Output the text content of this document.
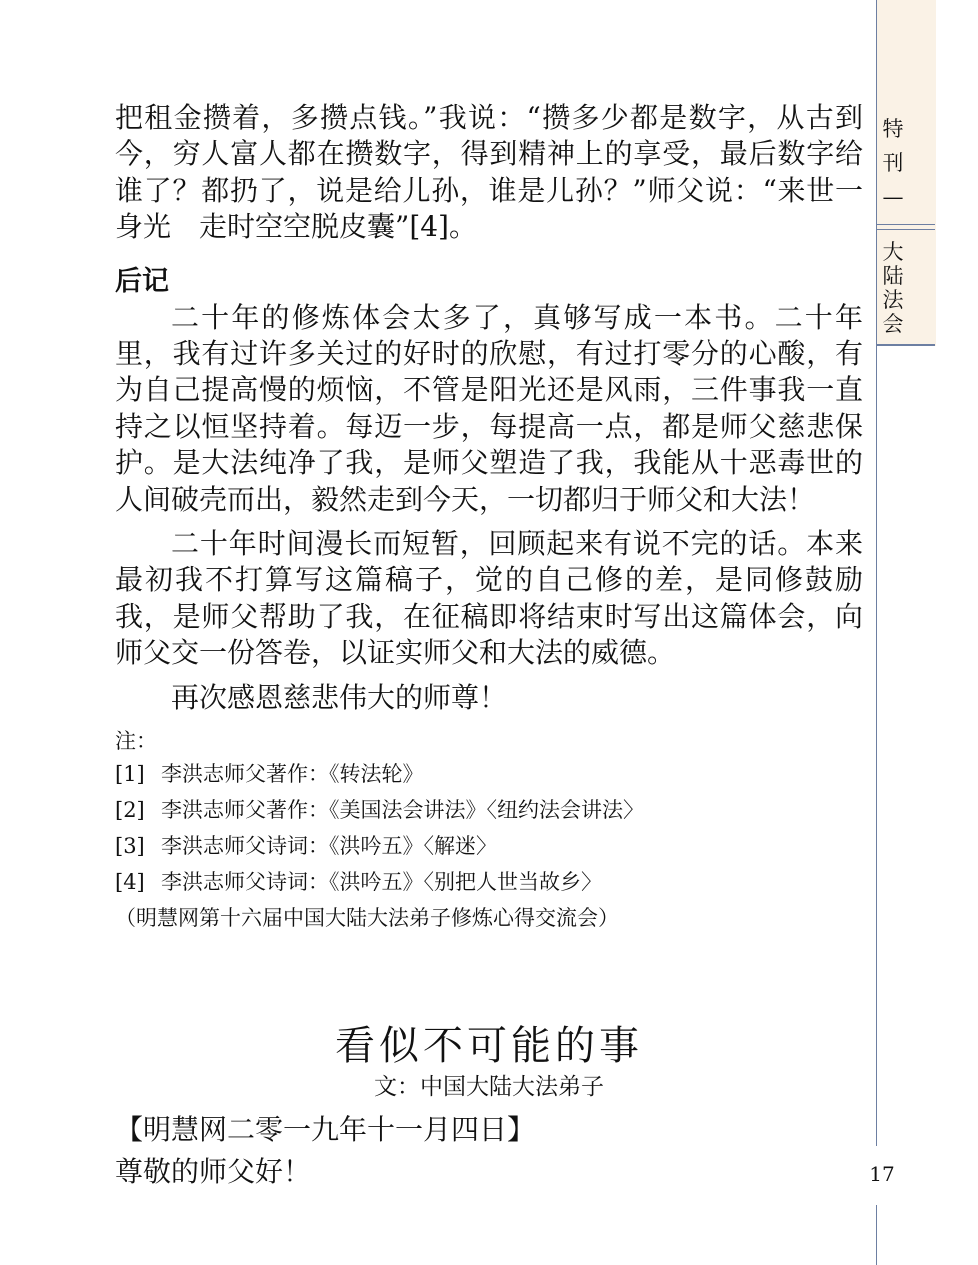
特
刊
—
大
陆
法
会
17

把租金攒着，多攒点钱。”我说：“攒多少都是数字，从古到今，穷人富人都在攒数字，得到精神上的享受，最后数字给谁了？都扔了，说是给儿孙，谁是儿孙？”师父说：“来世一身光　走时空空脱皮囊”[4]。

后记

二十年的修炼体会太多了，真够写成一本书。二十年里，我有过许多关过的好时的欣慰，有过打零分的心酸，有为自己提高慢的烦恼，不管是阳光还是风雨，三件事我一直持之以恒坚持着。每迈一步，每提高一点，都是师父慈悲保护。是大法纯净了我，是师父塑造了我，我能从十恶毒世的人间破壳而出，毅然走到今天，一切都归于师父和大法！

二十年时间漫长而短暂，回顾起来有说不完的话。本来最初我不打算写这篇稿子，觉的自己修的差，是同修鼓励我，是师父帮助了我，在征稿即将结束时写出这篇体会，向师父交一份答卷，以证实师父和大法的威德。

再次感恩慈悲伟大的师尊！

注：
[1] 李洪志师父著作：《转法轮》
[2] 李洪志师父著作：《美国法会讲法》〈纽约法会讲法〉
[3] 李洪志师父诗词：《洪吟五》〈解迷〉
[4] 李洪志师父诗词：《洪吟五》〈别把人世当故乡〉
（明慧网第十六届中国大陆大法弟子修炼心得交流会）
看似不可能的事
文：中国大陆大法弟子
【明慧网二零一九年十一月四日】
尊敬的师父好！
